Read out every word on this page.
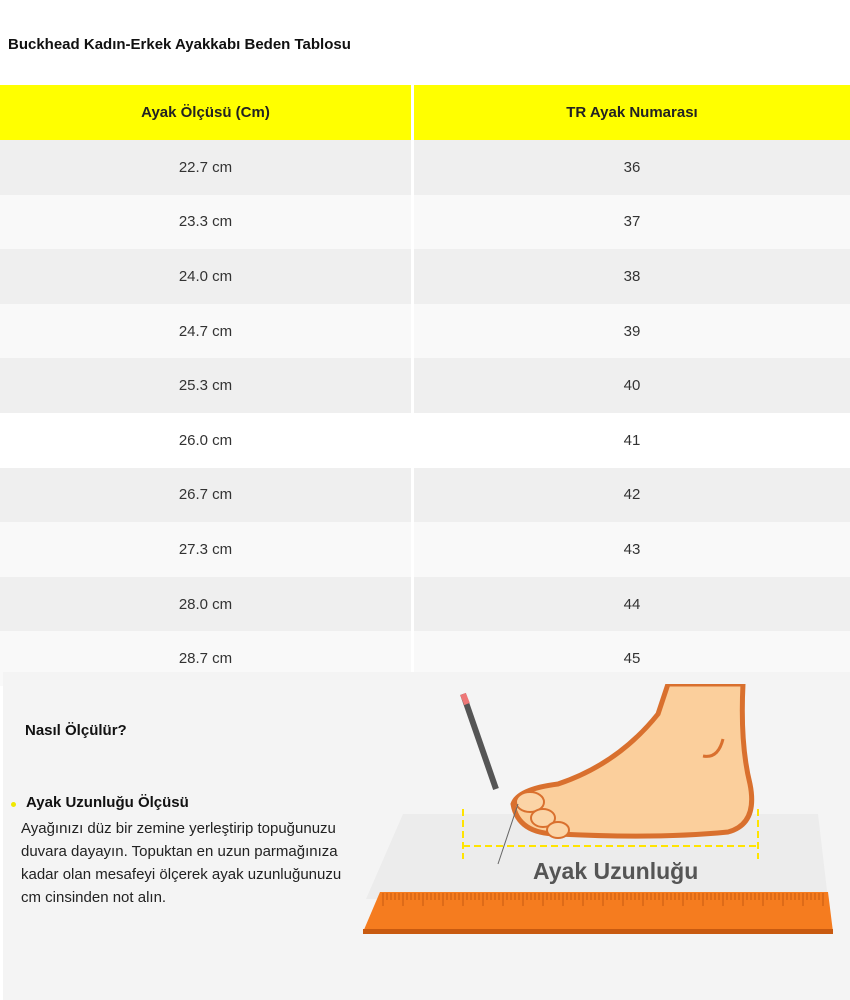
Buckhead Kadın-Erkek Ayakkabı Beden Tablosu
Ayak Ölçüsü (Cm)	TR Ayak Numarası
22.7 cm	36
23.3 cm	37
24.0 cm	38
24.7 cm	39
25.3 cm	40
26.0 cm	41
26.7 cm	42
27.3 cm	43
28.0 cm	44
28.7 cm	45
Nasıl Ölçülür?
Ayak Uzunluğu Ölçüsü
Ayağınızı düz bir zemine yerleştirip topuğunuzu duvara dayayın. Topuktan en uzun parmağınıza kadar olan mesafeyi ölçerek ayak uzunluğunuzu cm cinsinden not alın.
Ayak Uzunluğu
